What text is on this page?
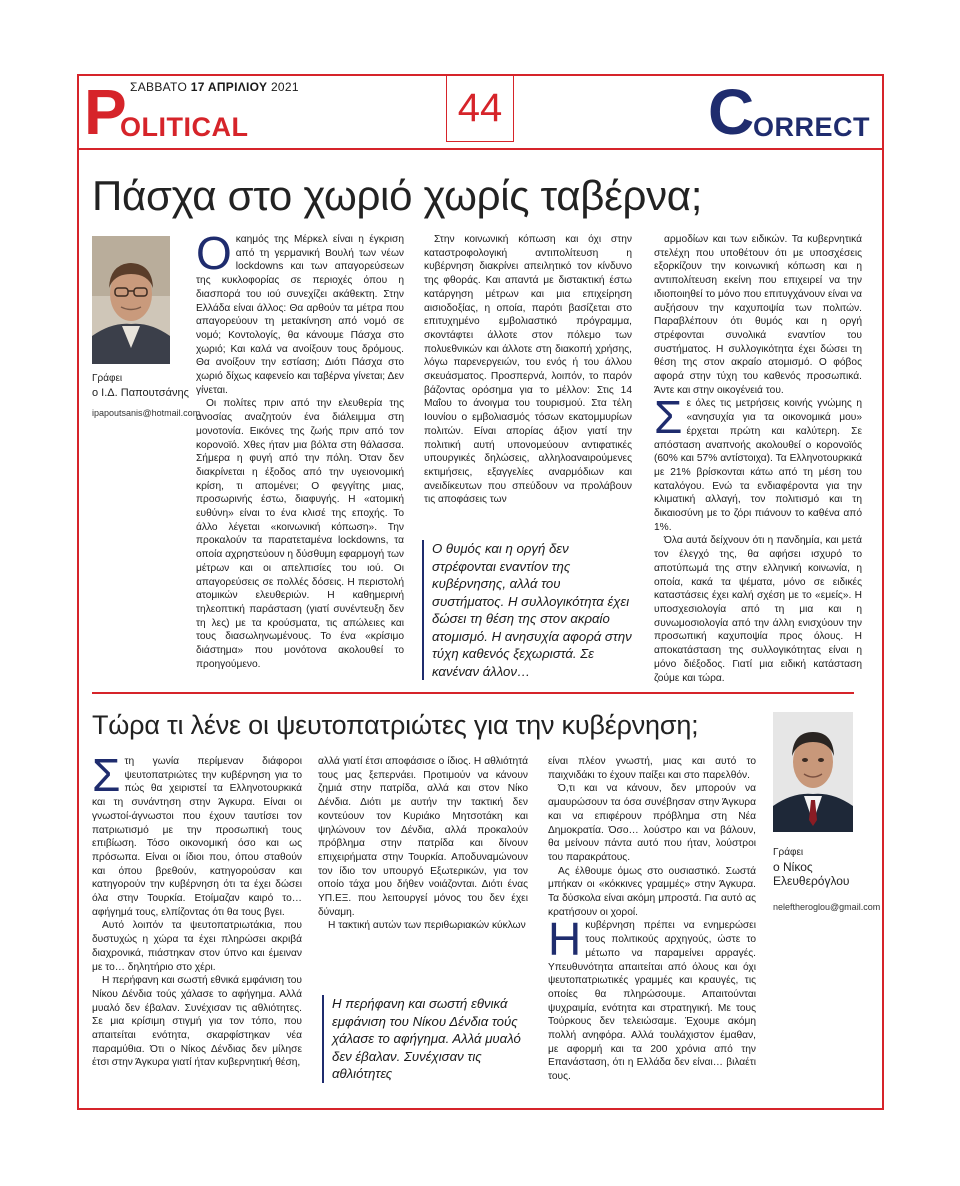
ΣΑΒΒΑΤΟ 17 ΑΠΡΙΛΙΟΥ 2021
P
OLITICAL	44	C
ORRECT
Πάσχα στο χωριό χωρίς ταβέρνα;
Γράφει
ο Ι.Δ. Παπουτσάνης
ipapoutsanis@hotmail.com

Οκαημός της Μέρκελ είναι η έγκριση από τη γερμανική Βουλή των νέων lockdowns και των απαγορεύσεων της κυκλοφορίας σε περιοχές όπου η διασπορά του ιού συνεχίζει ακάθεκτη. Στην Ελλάδα είναι άλλος: Θα αρθούν τα μέτρα που απαγορεύουν τη μετακίνηση από νομό σε νομό; Κοντολογίς, θα κάνουμε Πάσχα στο χωριό; Και καλά να ανοίξουν τους δρόμους. Θα ανοίξουν την εστίαση; Διότι Πάσχα στο χωριό δίχως καφενείο και ταβέρνα γίνεται; Δεν γίνεται.

Οι πολίτες πριν από την ελευθερία της ανοσίας αναζητούν ένα διάλειμμα στη μονοτονία. Εικόνες της ζωής πριν από τον κορονοϊό. Χθες ήταν μια βόλτα στη θάλασσα. Σήμερα η φυγή από την πόλη. Όταν δεν διακρίνεται η έξοδος από την υγειονομική κρίση, τι απομένει; Ο φεγγίτης μιας, προσωρινής έστω, διαφυγής. Η «ατομική ευθύνη» είναι το ένα κλισέ της εποχής. Το άλλο λέγεται «κοινωνική κόπωση». Την προκαλούν τα παρατεταμένα lockdowns, τα οποία αχρηστεύουν η δύσθυμη εφαρμογή των μέτρων και οι απελπισίες του ιού. Οι απαγορεύσεις σε πολλές δόσεις. Η περιστολή ατομικών ελευθεριών. Η καθημερινή τηλεοπτική παράσταση (γιατί συνέντευξη δεν τη λες) με τα κρούσματα, τις απώλειες και τους διασωληνωμένους. Το ένα «κρίσιμο διάστημα» που μονότονα ακολουθεί το προηγούμενο.

Στην κοινωνική κόπωση και όχι στην καταστροφολογική αντιπολίτευση η κυβέρνηση διακρίνει απειλητικό τον κίνδυνο της φθοράς. Και απαντά με διστακτική έστω κατάργηση μέτρων και μια επιχείρηση αισιοδοξίας, η οποία, παρότι βασίζεται στο επιτυχημένο εμβολιαστικό πρόγραμμα, σκοντάφτει άλλοτε στον πόλεμο των πολυεθνικών και άλλοτε στη διακοπή χρήσης, λόγω παρενεργειών, του ενός ή του άλλου σκευάσματος. Προσπερνά, λοιπόν, το παρόν βάζοντας ορόσημα για το μέλλον: Στις 14 Μαΐου το άνοιγμα του τουρισμού. Στα τέλη Ιουνίου ο εμβολιασμός τόσων εκατομμυρίων πολιτών. Είναι απορίας άξιον γιατί την πολιτική αυτή υπονομεύουν αντιφατικές υπουργικές δηλώσεις, αλληλοαναιρούμενες εκτιμήσεις, εξαγγελίες αναρμόδιων και ανειδίκευτων που σπεύδουν να προλάβουν τις αποφάσεις των

Ο θυμός και η οργή δεν στρέφονται εναντίον της κυβέρνησης, αλλά του συστήματος. Η συλλογικότητα έχει δώσει τη θέση της στον ακραίο ατομισμό. Η ανησυχία αφορά στην τύχη καθενός ξεχωριστά. Σε κανέναν άλλον…

αρμοδίων και των ειδικών. Τα κυβερνητικά στελέχη που υποθέτουν ότι με υποσχέσεις εξορκίζουν την κοινωνική κόπωση και η αντιπολίτευση εκείνη που επιχειρεί να την ιδιοποιηθεί το μόνο που επιτυγχάνουν είναι να αυξήσουν την καχυποψία των πολιτών. Παραβλέπουν ότι θυμός και η οργή στρέφονται συνολικά εναντίον του συστήματος. Η συλλογικότητα έχει δώσει τη θέση της στον ακραίο ατομισμό. Ο φόβος αφορά στην τύχη του καθενός προσωπικά. Άντε και στην οικογένειά του.

Σε όλες τις μετρήσεις κοινής γνώμης η «ανησυχία για τα οικονομικά μου» έρχεται πρώτη και καλύτερη. Σε απόσταση αναπνοής ακολουθεί ο κορονοϊός (60% και 57% αντίστοιχα). Τα Ελληνοτουρκικά με 21% βρίσκονται κάτω από τη μέση του καταλόγου. Ενώ τα ενδιαφέροντα για την κλιματική αλλαγή, τον πολιτισμό και τη δικαιοσύνη με το ζόρι πιάνουν το καθένα από 1%.

Όλα αυτά δείχνουν ότι η πανδημία, και μετά τον έλεγχό της, θα αφήσει ισχυρό το αποτύπωμά της στην ελληνική κοινωνία, η οποία, κακά τα ψέματα, μόνο σε ειδικές καταστάσεις έχει καλή σχέση με το «εμείς». Η υποσχεσιολογία από τη μια και η συνωμοσιολογία από την άλλη ενισχύουν την προσωπική καχυποψία προς όλους. Η αποκατάσταση της συλλογικότητας είναι η μόνο διέξοδος. Γιατί μια ειδική κατάσταση ζούμε και τώρα.

Τώρα τι λένε οι ψευτοπατριώτες για την κυβέρνηση;
Γράφει
ο Νίκος
Ελευθερόγλου
neleftheroglou@gmail.com

Στη γωνία περίμεναν διάφοροι ψευτοπατριώτες την κυβέρνηση για το πώς θα χειριστεί τα Ελληνοτουρκικά και τη συνάντηση στην Άγκυρα. Είναι οι γνωστοί-άγνωστοι που έχουν ταυτίσει τον πατριωτισμό με την προσωπική τους επιβίωση. Τόσο οικονομική όσο και ως πρόσωπα. Είναι οι ίδιοι που, όπου σταθούν και όπου βρεθούν, κατηγορούσαν και κατηγορούν την κυβέρνηση ότι τα έχει δώσει όλα στην Τουρκία. Ετοίμαζαν καιρό το… αφήγημά τους, ελπίζοντας ότι θα τους βγει.

Αυτό λοιπόν τα ψευτοπατριωτάκια, που δυστυχώς η χώρα τα έχει πληρώσει ακριβά διαχρονικά, πιάστηκαν στον ύπνο και έμειναν με το… δηλητήριο στο χέρι.

Η περήφανη και σωστή εθνικά εμφάνιση του Νίκου Δένδια τούς χάλασε το αφήγημα. Αλλά μυαλό δεν έβαλαν. Συνέχισαν τις αθλιότητες. Σε μια κρίσιμη στιγμή για τον τόπο, που απαιτείται ενότητα, σκαρφίστηκαν νέα παραμύθια. Ότι ο Νίκος Δένδιας δεν μίλησε έτσι στην Άγκυρα γιατί ήταν κυβερνητική θέση,

αλλά γιατί έτσι αποφάσισε ο ίδιος. Η αθλιότητά τους μας ξεπερνάει. Προτιμούν να κάνουν ζημιά στην πατρίδα, αλλά και στον Νίκο Δένδια. Διότι με αυτήν την τακτική δεν κοντεύουν τον Κυριάκο Μητσοτάκη και ψηλώνουν τον Δένδια, αλλά προκαλούν πρόβλημα στην πατρίδα και δίνουν επιχειρήματα στην Τουρκία. Αποδυναμώνουν τον ίδιο τον υπουργό Εξωτερικών, για τον οποίο τάχα μου δήθεν νοιάζονται. Διότι ένας ΥΠ.ΕΞ. που λειτουργεί μόνος του δεν έχει δύναμη.

Η τακτική αυτών των περιθωριακών κύκλων

Η περήφανη και σωστή εθνικά εμφάνιση του Νίκου Δένδια τούς χάλασε το αφήγημα. Αλλά μυαλό δεν έβαλαν. Συνέχισαν τις αθλιότητες

είναι πλέον γνωστή, μιας και αυτό το παιχνιδάκι το έχουν παίξει και στο παρελθόν.

Ό,τι και να κάνουν, δεν μπορούν να αμαυρώσουν τα όσα συνέβησαν στην Άγκυρα και να επιφέρουν πρόβλημα στη Νέα Δημοκρατία. Όσο… λούστρο και να βάλουν, θα μείνουν πάντα αυτό που ήταν, λούστροι του παρακράτους.

Ας έλθουμε όμως στο ουσιαστικό. Σωστά μπήκαν οι «κόκκινες γραμμές» στην Άγκυρα. Τα δύσκολα είναι ακόμη μπροστά. Για αυτό ας κρατήσουν οι χοροί.

Ηκυβέρνηση πρέπει να ενημερώσει τους πολιτικούς αρχηγούς, ώστε το μέτωπο να παραμείνει αρραγές. Υπευθυνότητα απαιτείται από όλους και όχι ψευτοπατριωτικές γραμμές και κραυγές, τις οποίες θα πληρώσουμε. Απαιτούνται ψυχραιμία, ενότητα και στρατηγική. Με τους Τούρκους δεν τελειώσαμε. Έχουμε ακόμη πολλή ανηφόρα. Αλλά τουλάχιστον έμαθαν, με αφορμή και τα 200 χρόνια από την Επανάσταση, ότι η Ελλάδα δεν είναι… βιλαέτι τους.
